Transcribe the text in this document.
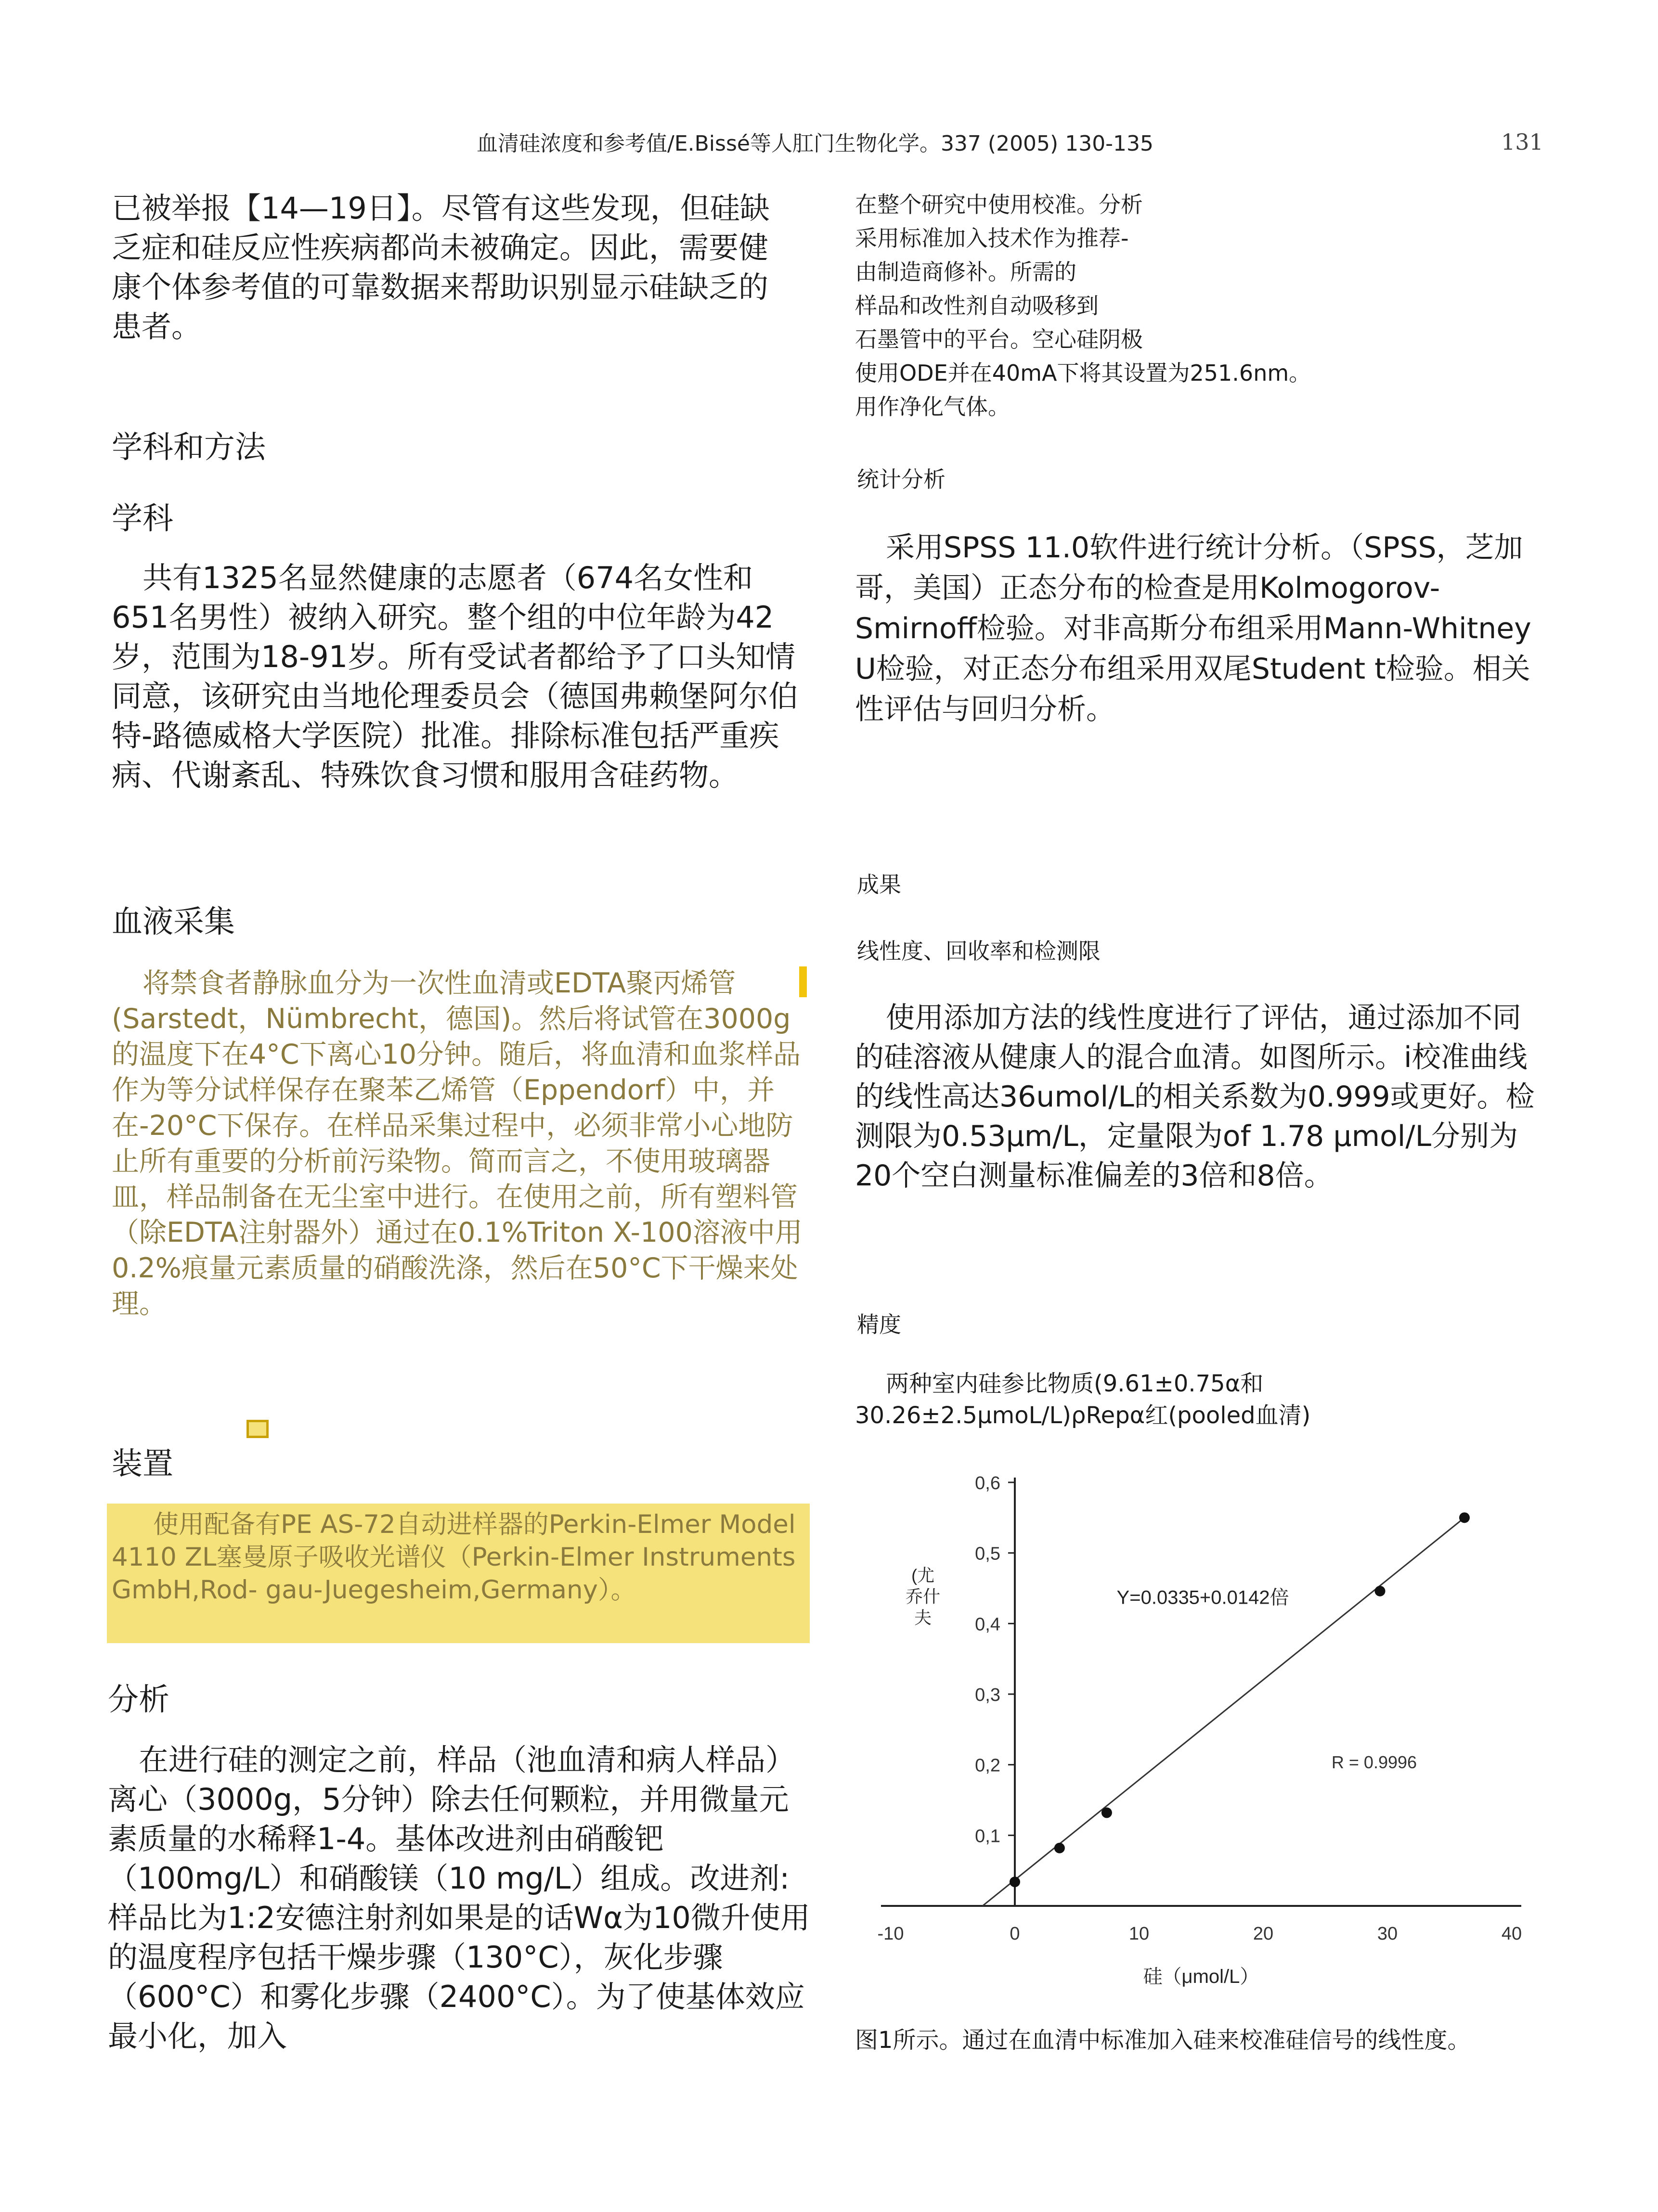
血清硅浓度和参考值/E.Bissé等人肛门生物化学。337 (2005) 130-135	131

已被举报【14—19日】。尽管有这些发现，但硅缺乏症和硅反应性疾病都尚未被确定。因此，需要健康个体参考值的可靠数据来帮助识别显示硅缺乏的患者。

学科和方法
学科

共有1325名显然健康的志愿者（674名女性和651名男性）被纳入研究。整个组的中位年龄为42岁，范围为18-91岁。所有受试者都给予了口头知情同意，该研究由当地伦理委员会（德国弗赖堡阿尔伯特-路德威格大学医院）批准。排除标准包括严重疾病、代谢紊乱、特殊饮食习惯和服用含硅药物。

血液采集

将禁食者静脉血分为一次性血清或EDTA聚丙烯管(Sarstedt，Nümbrecht，德国)。然后将试管在3000g的温度下在4°C下离心10分钟。随后，将血清和血浆样品作为等分试样保存在聚苯乙烯管（Eppendorf）中，并在-20°C下保存。在样品采集过程中，必须非常小心地防止所有重要的分析前污染物。简而言之，不使用玻璃器皿，样品制备在无尘室中进行。在使用之前，所有塑料管（除EDTA注射器外）通过在0.1%Triton X-100溶液中用0.2%痕量元素质量的硝酸洗涤，然后在50°C下干燥来处理。

装置

使用配备有PE AS-72自动进样器的Perkin-Elmer Model 4110 ZL塞曼原子吸收光谱仪（Perkin-Elmer Instruments GmbH,Rod- gau-Juegesheim,Germany）。

分析

在进行硅的测定之前，样品（池血清和病人样品）离心（3000g，5分钟）除去任何颗粒，并用微量元素质量的水稀释1-4。基体改进剂由硝酸钯（100mg/L）和硝酸镁（10 mg/L）组成。改进剂:样品比为1:2安德注射剂如果是的话Wα为10微升使用的温度程序包括干燥步骤（130°C），灰化步骤（600°C）和雾化步骤（2400°C）。为了使基体效应最小化，加入

在整个研究中使用校准。分析
采用标准加入技术作为推荐-
由制造商修补。所需的
样品和改性剂自动吸移到
石墨管中的平台。空心硅阴极
使用ODE并在40mA下将其设置为251.6nm。
用作净化气体。
统计分析

采用SPSS 11.0软件进行统计分析。（SPSS，芝加哥，美国）正态分布的检查是用Kolmogorov-Smirnoff检验。对非高斯分布组采用Mann-Whitney U检验，对正态分布组采用双尾Student t检验。相关性评估与回归分析。

成果
线性度、回收率和检测限

使用添加方法的线性度进行了评估，通过添加不同的硅溶液从健康人的混合血清。如图所示。i校准曲线的线性高达36umol/L的相关系数为0.999或更好。检测限为0.53μm/L，定量限为of 1.78 μmol/L分别为20个空白测量标准偏差的3倍和8倍。

精度

两种室内硅参比物质(9.61±0.75α和30.26±2.5μmoL/L)ρRepα红(pooled血清)

0,1
0,2
0,3
0,4
0,5
0,6
-10	0	10	20	30	40
Y=0.0335+0.0142倍
R = 0.9996
硅（μmol/L）
(尤
乔什
夫
图1所示。通过在血清中标准加入硅来校准硅信号的线性度。
